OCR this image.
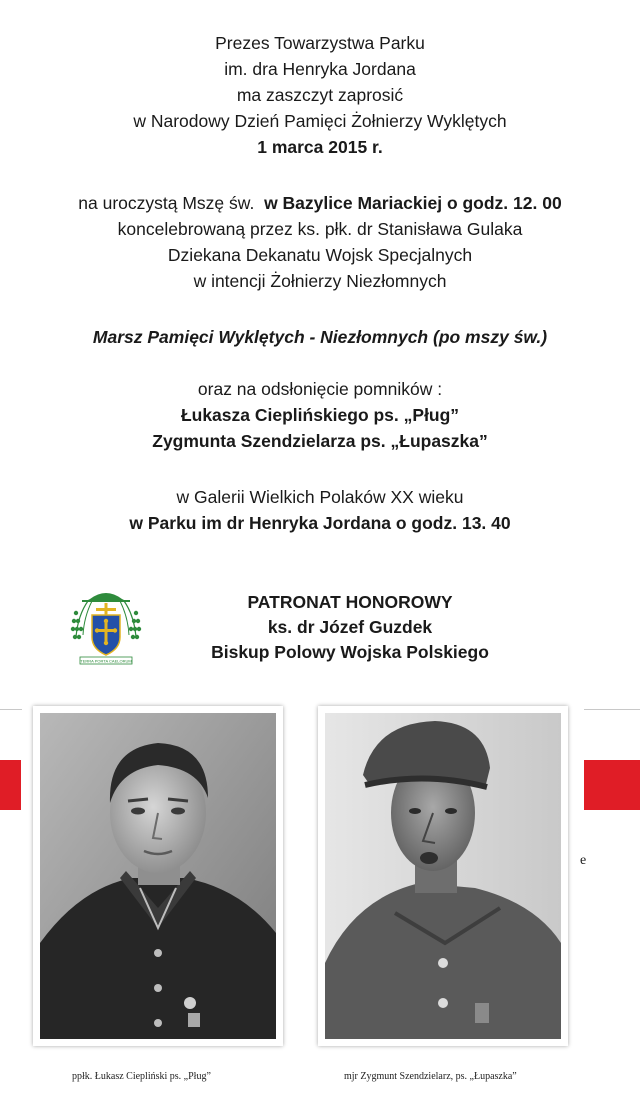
Prezes Towarzystwa Parku
im. dra Henryka Jordana
ma zaszczyt zaprosić
w Narodowy Dzień Pamięci Żołnierzy Wyklętych
1 marca 2015 r.
na uroczystą Mszę św. w Bazylice Mariackiej o godz. 12. 00
koncelebrowaną przez ks. płk. dr Stanisława Gulaka
Dziekana Dekanatu Wojsk Specjalnych
w intencji Żołnierzy Niezłomnych
Marsz Pamięci Wyklętych - Niezłomnych (po mszy św.)
oraz na odsłonięcie pomników :
Łukasza Cieplińskiego ps. „Pług”
Zygmunta Szendzielarza ps. „Łupaszka”
w Galerii Wielkich Polaków XX wieku
w Parku im dr Henryka Jordana o godz. 13. 40
TERRA PORTA CAELORUM
PATRONAT HONOROWY
ks. dr Józef Guzdek
Biskup Polowy Wojska Polskiego
e
ppłk. Łukasz Ciepliński ps. „Pług”	mjr Zygmunt Szendzielarz, ps. „Łupaszka”
